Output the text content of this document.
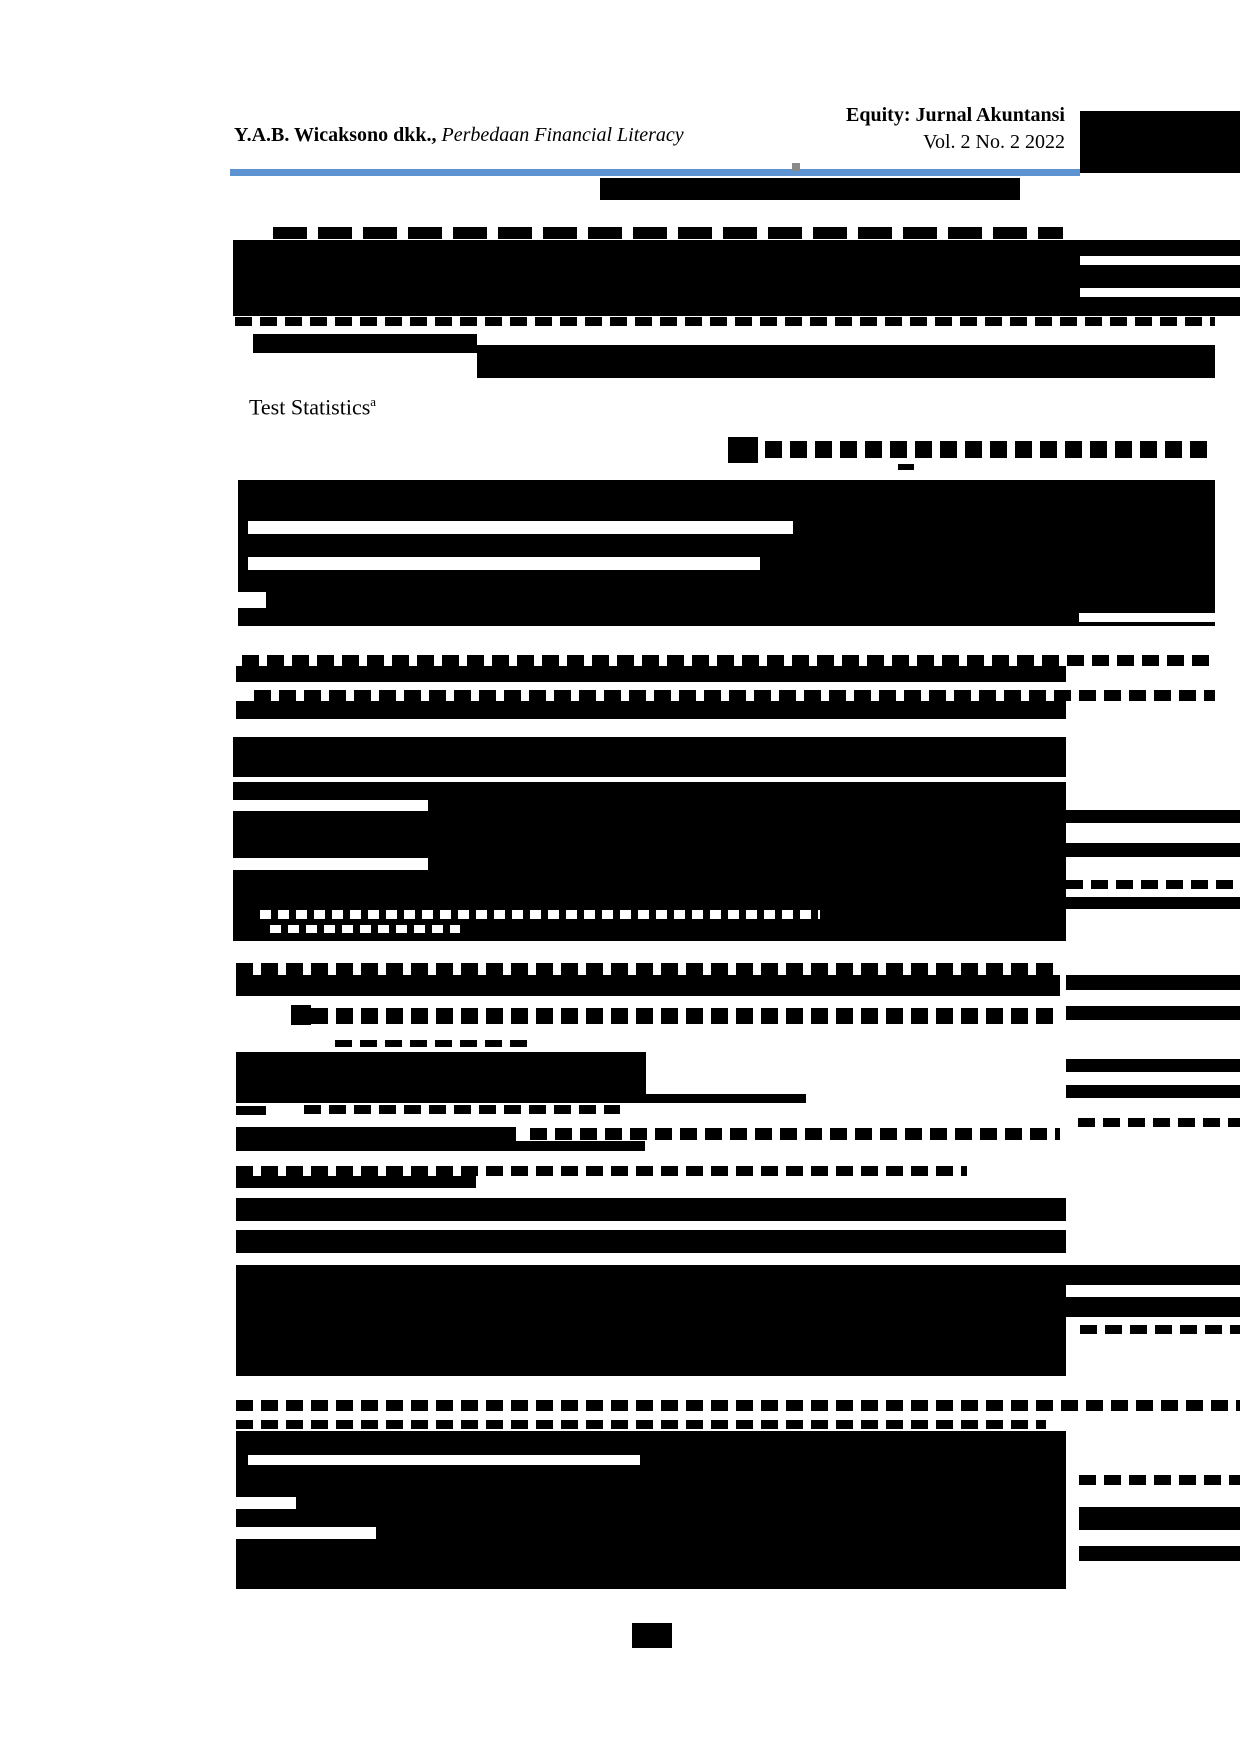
Y.A.B. Wicaksono dkk., Perbedaan Financial Literacy
Equity: Jurnal Akuntansi
Vol. 2 No. 2 2022
Test Statistics$^a$
